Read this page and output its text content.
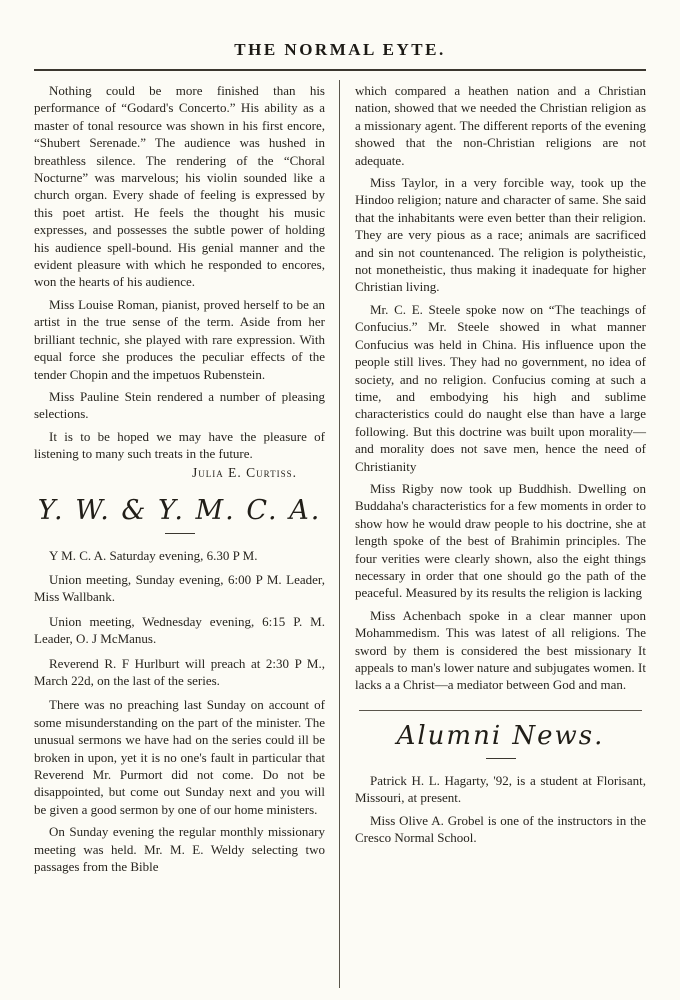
THE NORMAL EYTE.

Nothing could be more finished than his performance of “Godard's Concerto.” His ability as a master of tonal resource was shown in his first encore, “Shubert Serenade.” The audience was hushed in breathless silence. The rendering of the “Choral Nocturne” was marvelous; his violin sounded like a church organ. Every shade of feeling is expressed by this poet artist. He feels the thought his music expresses, and possesses the subtle power of holding his audience spell-bound. His genial manner and the evident pleasure with which he responded to encores, won the hearts of his audience.

Miss Louise Roman, pianist, proved herself to be an artist in the true sense of the term. Aside from her brilliant technic, she played with rare expression. With equal force she produces the peculiar effects of the tender Chopin and the impetuos Rubenstein.

Miss Pauline Stein rendered a number of pleasing selections.

It is to be hoped we may have the pleasure of listening to many such treats in the future.

Julia E. Curtiss.

Y. W. & Y. M. C. A.

Y M. C. A. Saturday evening, 6.30 P M.

Union meeting, Sunday evening, 6:00 P M. Leader, Miss Wallbank.

Union meeting, Wednesday evening, 6:15 P. M. Leader, O. J McManus.

Reverend R. F Hurlburt will preach at 2:30 P M., March 22d, on the last of the series.

There was no preaching last Sunday on account of some misunderstanding on the part of the minister. The unusual sermons we have had on the series could ill be broken in upon, yet it is no one's fault in particular that Reverend Mr. Purmort did not come. Do not be disappointed, but come out Sunday next and you will be given a good sermon by one of our home ministers.

On Sunday evening the regular monthly missionary meeting was held. Mr. M. E. Weldy selecting two passages from the Bible

which compared a heathen nation and a Christian nation, showed that we needed the Christian religion as a missionary agent. The different reports of the evening showed that the non-Christian religions are not adequate.

Miss Taylor, in a very forcible way, took up the Hindoo religion; nature and character of same. She said that the inhabitants were even better than their religion. They are very pious as a race; animals are sacrificed and sin not countenanced. The religion is polytheistic, not monetheistic, thus making it inadequate for higher Christian living.

Mr. C. E. Steele spoke now on “The teachings of Confucius.” Mr. Steele showed in what manner Confucius was held in China. His influence upon the people still lives. They had no government, no idea of society, and no religion. Confucius coming at such a time, and embodying his high and sublime characteristics could do naught else than have a large following. But this doctrine was built upon morality—and morality does not save men, hence the need of Christianity

Miss Rigby now took up Buddhish. Dwelling on Buddaha's characteristics for a few moments in order to show how he would draw people to his doctrine, she at length spoke of the best of Brahimin principles. The four verities were clearly shown, also the eight things necessary in order that one should go the path of the peaceful. Measured by its results the religion is lacking

Miss Achenbach spoke in a clear manner upon Mohammedism. This was latest of all religions. The sword by them is considered the best missionary It appeals to man's lower nature and subjugates women. It lacks a a Christ—a mediator between God and man.

Alumni News.

Patrick H. L. Hagarty, '92, is a student at Florisant, Missouri, at present.

Miss Olive A. Grobel is one of the instructors in the Cresco Normal School.
